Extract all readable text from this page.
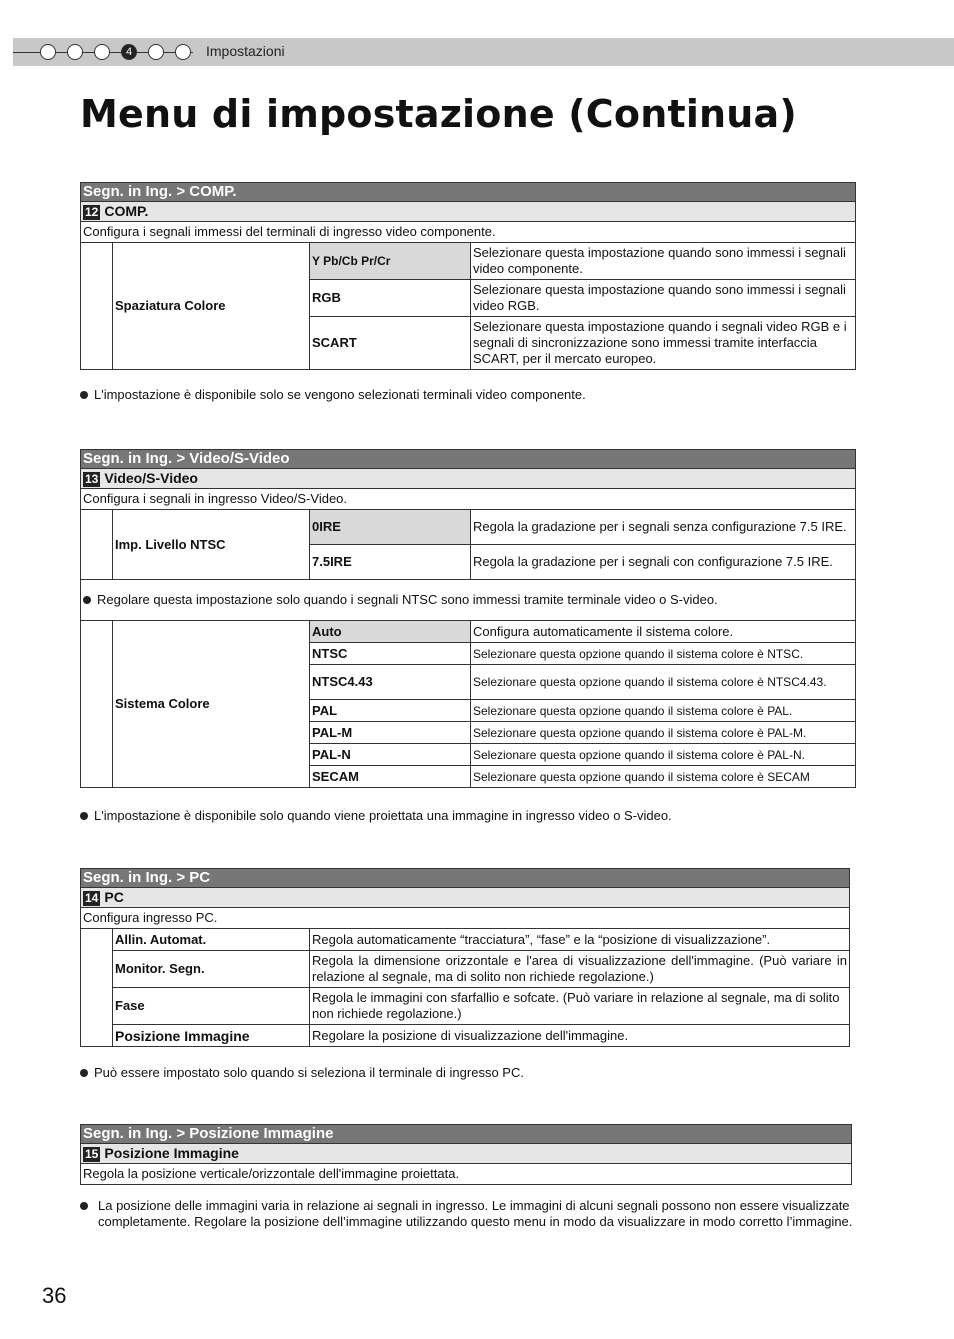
4	Impostazioni
Menu di impostazione (Continua)
Segn. in Ing. > COMP.			
12 COMP.			
Configura i segnali immessi del terminali di ingresso video componente.			
	Spaziatura Colore	Y Pb/Cb Pr/Cr	Selezionare questa impostazione quando sono immessi i segnali video componente.
		RGB	Selezionare questa impostazione quando sono immessi i segnali video RGB.
		SCART	Selezionare questa impostazione quando i segnali video RGB e i segnali di sincronizzazione sono immessi tramite interfaccia SCART, per il mercato europeo.
L'impostazione è disponibile solo se vengono selezionati terminali video componente.
Segn. in Ing. > Video/S-Video			
13 Video/S-Video			
Configura i segnali in ingresso Video/S-Video.			
	Imp. Livello NTSC	0IRE	Regola la gradazione per i segnali senza configurazione 7.5 IRE.
		7.5IRE	Regola la gradazione per i segnali con configurazione 7.5 IRE.
Regolare questa impostazione solo quando i segnali NTSC sono immessi tramite terminale video o S-video.			
	Sistema Colore	Auto	Configura automaticamente il sistema colore.
		NTSC	Selezionare questa opzione quando il sistema colore è NTSC.
		NTSC4.43	Selezionare questa opzione quando il sistema colore è NTSC4.43.
		PAL	Selezionare questa opzione quando il sistema colore è PAL.
		PAL-M	Selezionare questa opzione quando il sistema colore è PAL-M.
		PAL-N	Selezionare questa opzione quando il sistema colore è PAL-N.
		SECAM	Selezionare questa opzione quando il sistema colore è SECAM
L'impostazione è disponibile solo quando viene proiettata una immagine in ingresso video o S-video.
Segn. in Ing. > PC		
14 PC		
Configura ingresso PC.		
	Allin. Automat.	Regola automaticamente “tracciatura”, “fase” e la “posizione di visualizzazione”.
	Monitor. Segn.	Regola la dimensione orizzontale e l'area di visualizzazione dell'immagine. (Può variare in relazione al segnale, ma di solito non richiede regolazione.)
	Fase	Regola le immagini con sfarfallio e sofcate. (Può variare in relazione al segnale, ma di solito non richiede regolazione.)
	Posizione Immagine	Regolare la posizione di visualizzazione dell'immagine.
Può essere impostato solo quando si seleziona il terminale di ingresso PC.
Segn. in Ing. > Posizione Immagine
15 Posizione Immagine
Regola la posizione verticale/orizzontale dell'immagine proiettata.
La posizione delle immagini varia in relazione ai segnali in ingresso. Le immagini di alcuni segnali possono non essere visualizzate completamente. Regolare la posizione dell’immagine utilizzando questo menu in modo da visualizzare in modo corretto l’immagine.
36
